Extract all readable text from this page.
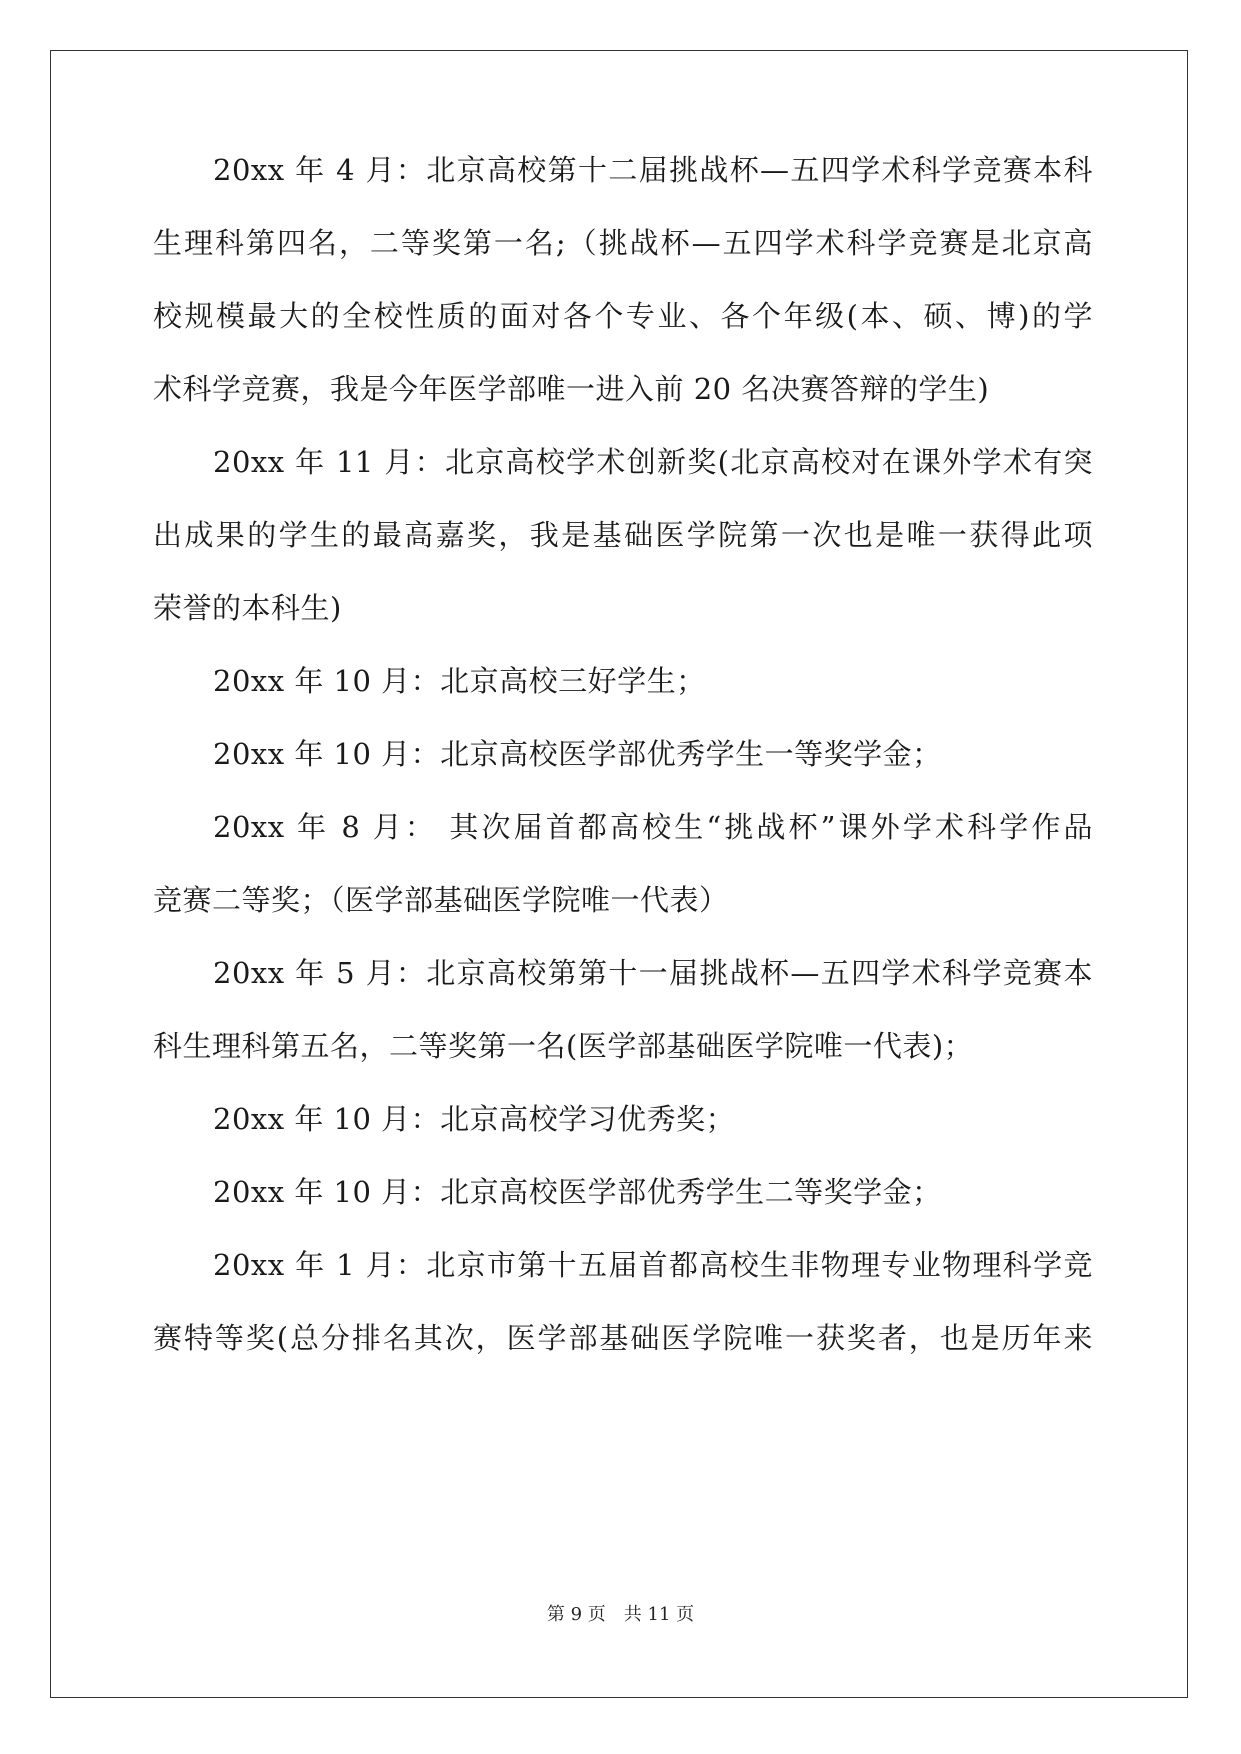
20xx 年 4 月：北京高校第十二届挑战杯—五四学术科学竞赛本科
生理科第四名，二等奖第一名;（挑战杯—五四学术科学竞赛是北京高
校规模最大的全校性质的面对各个专业、各个年级(本、硕、博)的学
术科学竞赛，我是今年医学部唯一进入前 20 名决赛答辩的学生)
20xx 年 11 月：北京高校学术创新奖(北京高校对在课外学术有突
出成果的学生的最高嘉奖，我是基础医学院第一次也是唯一获得此项
荣誉的本科生)
20xx 年 10 月：北京高校三好学生；
20xx 年 10 月：北京高校医学部优秀学生一等奖学金；
20xx 年 8 月： 其次届首都高校生“挑战杯”课外学术科学作品
竞赛二等奖；（医学部基础医学院唯一代表）
20xx 年 5 月：北京高校第第十一届挑战杯—五四学术科学竞赛本
科生理科第五名，二等奖第一名(医学部基础医学院唯一代表)；
20xx 年 10 月：北京高校学习优秀奖；
20xx 年 10 月：北京高校医学部优秀学生二等奖学金；
20xx 年 1 月：北京市第十五届首都高校生非物理专业物理科学竞
赛特等奖(总分排名其次，医学部基础医学院唯一获奖者，也是历年来
第 9 页　共 11 页
